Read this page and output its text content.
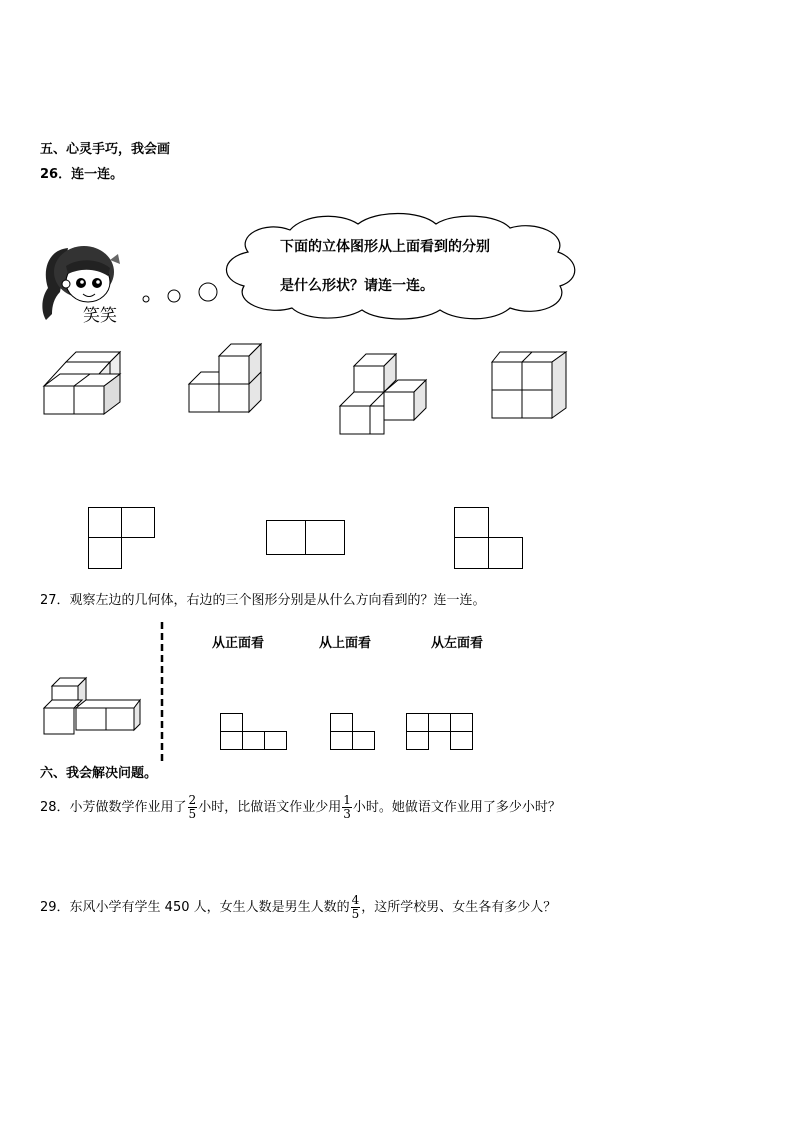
五、心灵手巧，我会画
26．连一连。
笑笑
下面的立体图形从上面看到的分别
是什么形状？请连一连。
27．观察左边的几何体，右边的三个图形分别是从什么方向看到的？连一连。
从正面看	从上面看	从左面看
六、我会解决问题。
28．小芳做数学作业用了 $\frac{2}{5}$ 小时，比做语文作业少用 $\frac{1}{3}$ 小时。她做语文作业用了多少小时？
29．东风小学有学生 450 人，女生人数是男生人数的 $\frac{4}{5}$ ，这所学校男、女生各有多少人？
